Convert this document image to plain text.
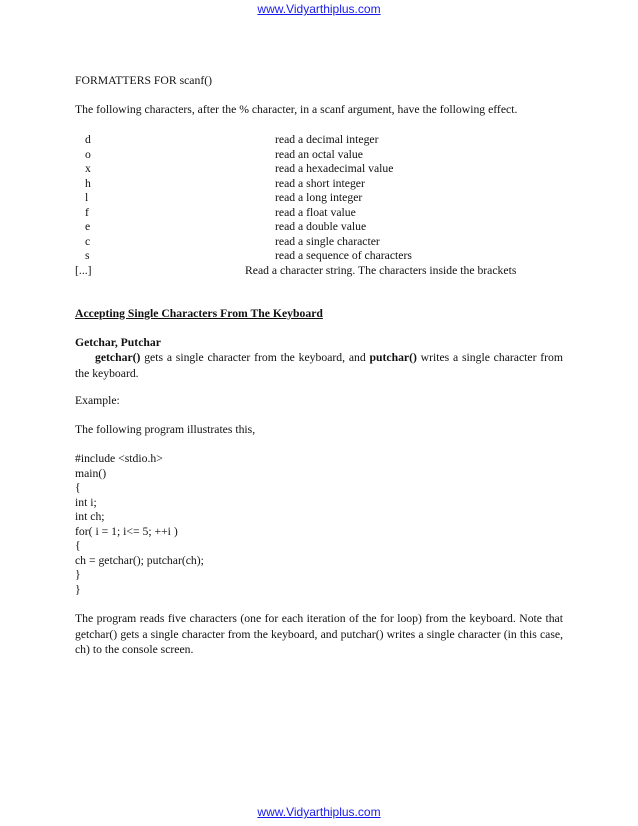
www.Vidyarthiplus.com
FORMATTERS FOR scanf()
The following characters, after the % character, in a scanf argument, have the following effect.
d	read a decimal integer
o	read an octal value
x	read a hexadecimal value
h	read a short integer
l	read a long integer
f	read a float value
e	read a double value
c	read a single character
s	read a sequence of characters
[...]	Read a character string. The characters inside the brackets
Accepting Single Characters From The Keyboard
Getchar, Putchar
getchar() gets a single character from the keyboard, and putchar() writes a single character from the keyboard.
Example:
The following program illustrates this,
#include <stdio.h>
main()
{
int i;
int ch;
for( i = 1; i<= 5; ++i )
{
ch = getchar(); putchar(ch);
}
}
The program reads five characters (one for each iteration of the for loop) from the keyboard. Note that getchar() gets a single character from the keyboard, and putchar() writes a single character (in this case, ch) to the console screen.
www.Vidyarthiplus.com
